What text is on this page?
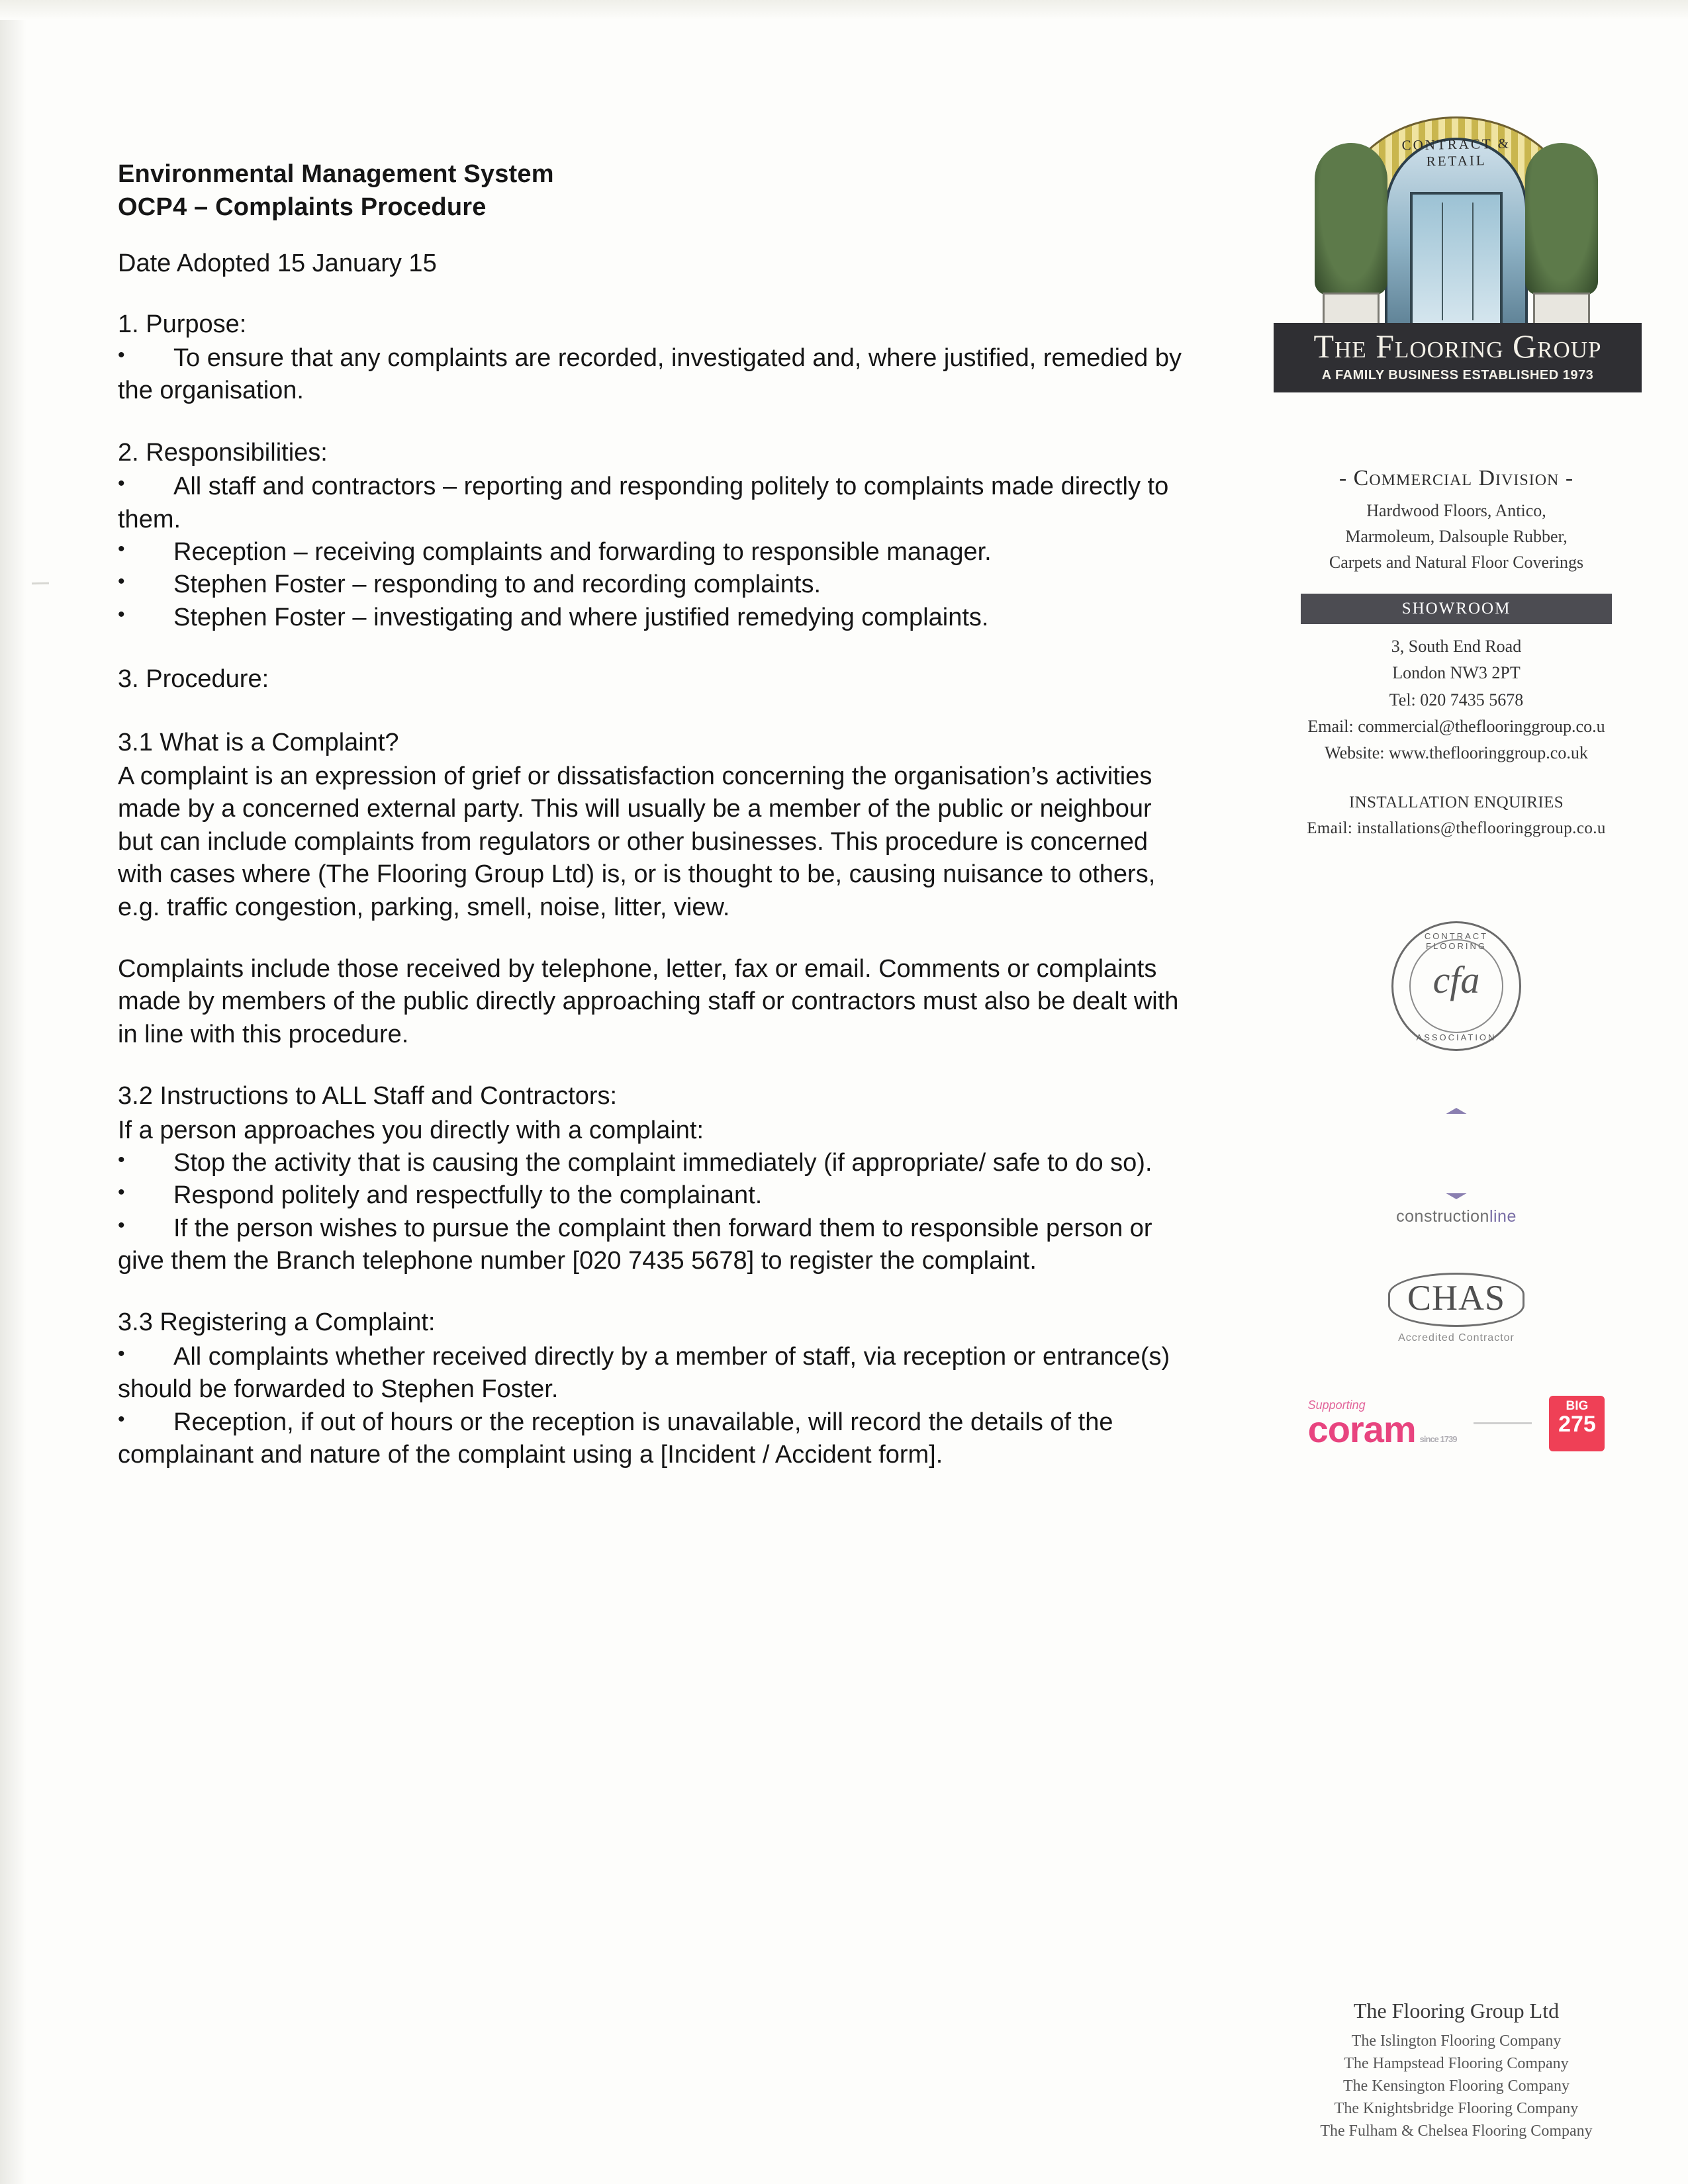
Environmental Management System
OCP4 – Complaints Procedure
Date Adopted 15 January 15
1. Purpose:
• To ensure that any complaints are recorded, investigated and, where justified, remedied by the organisation.
2. Responsibilities:
• All staff and contractors – reporting and responding politely to complaints made directly to them.
• Reception – receiving complaints and forwarding to responsible manager.
• Stephen Foster – responding to and recording complaints.
• Stephen Foster – investigating and where justified remedying complaints.
3. Procedure:
3.1 What is a Complaint?
A complaint is an expression of grief or dissatisfaction concerning the organisation’s activities made by a concerned external party. This will usually be a member of the public or neighbour but can include complaints from regulators or other businesses. This procedure is concerned with cases where (The Flooring Group Ltd) is, or is thought to be, causing nuisance to others, e.g. traffic congestion, parking, smell, noise, litter, view.
Complaints include those received by telephone, letter, fax or email. Comments or complaints made by members of the public directly approaching staff or contractors must also be dealt with in line with this procedure.
3.2 Instructions to ALL Staff and Contractors:
If a person approaches you directly with a complaint:
• Stop the activity that is causing the complaint immediately (if appropriate/ safe to do so).
• Respond politely and respectfully to the complainant.
• If the person wishes to pursue the complaint then forward them to responsible person or give them the Branch telephone number [020 7435 5678] to register the complaint.
3.3 Registering a Complaint:
• All complaints whether received directly by a member of staff, via reception or entrance(s) should be forwarded to Stephen Foster.
• Reception, if out of hours or the reception is unavailable, will record the details of the complainant and nature of the complaint using a [Incident / Accident form].
CONTRACT & RETAIL
The Flooring Group
A FAMILY BUSINESS ESTABLISHED 1973
- Commercial Division -
Hardwood Floors, Antico,
Marmoleum, Dalsouple Rubber,
Carpets and Natural Floor Coverings
SHOWROOM
3, South End Road
London NW3 2PT
Tel: 020 7435 5678
Email: commercial@theflooringgroup.co.u
Website: www.theflooringgroup.co.uk
INSTALLATION ENQUIRIES
Email: installations@theflooringgroup.co.u
CONTRACT FLOORING
cfa
ASSOCIATION
constructionline
CHAS
Accredited Contractor
Supporting
coram since 1739
BIG
275
The Flooring Group Ltd
The Islington Flooring Company
The Hampstead Flooring Company
The Kensington Flooring Company
The Knightsbridge Flooring Company
The Fulham & Chelsea Flooring Company
